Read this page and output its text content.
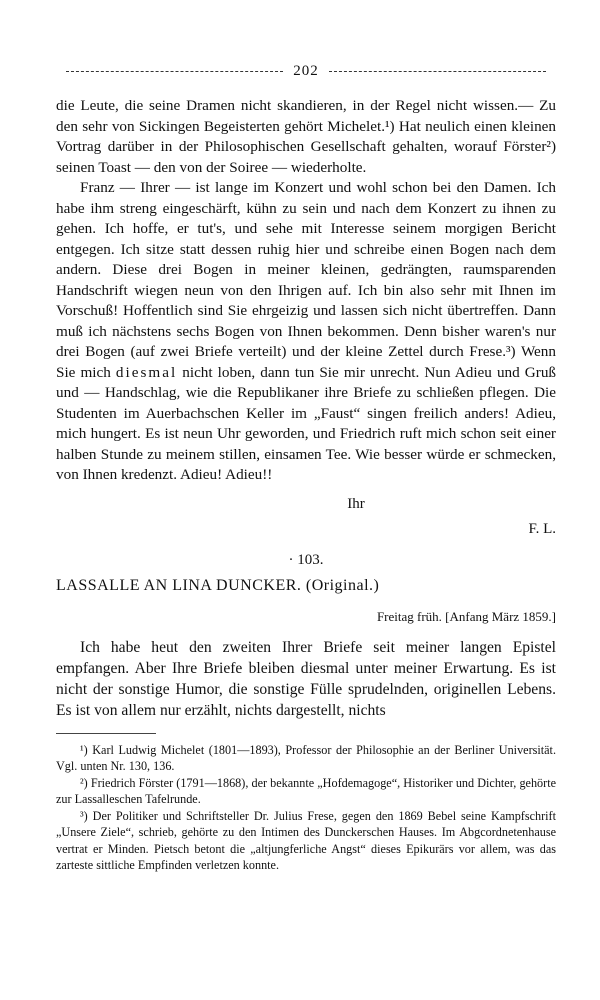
202

die Leute, die seine Dramen nicht skandieren, in der Regel nicht wissen.— Zu den sehr von Sickingen Begeisterten gehört Michelet.¹) Hat neulich einen kleinen Vortrag darüber in der Philosophischen Gesellschaft gehalten, worauf Förster²) seinen Toast — den von der Soiree — wiederholte.

Franz — Ihrer — ist lange im Konzert und wohl schon bei den Damen. Ich habe ihm streng eingeschärft, kühn zu sein und nach dem Konzert zu ihnen zu gehen. Ich hoffe, er tut's, und sehe mit Interesse seinem morgigen Bericht entgegen. Ich sitze statt dessen ruhig hier und schreibe einen Bogen nach dem andern. Diese drei Bogen in meiner kleinen, gedrängten, raumsparenden Handschrift wiegen neun von den Ihrigen auf. Ich bin also sehr mit Ihnen im Vorschuß! Hoffentlich sind Sie ehrgeizig und lassen sich nicht übertreffen. Dann muß ich nächstens sechs Bogen von Ihnen bekommen. Denn bisher waren's nur drei Bogen (auf zwei Briefe verteilt) und der kleine Zettel durch Frese.³) Wenn Sie mich diesmal nicht loben, dann tun Sie mir unrecht. Nun Adieu und Gruß und — Handschlag, wie die Republikaner ihre Briefe zu schließen pflegen. Die Studenten im Auerbachschen Keller im „Faust“ singen freilich anders! Adieu, mich hungert. Es ist neun Uhr geworden, und Friedrich ruft mich schon seit einer halben Stunde zu meinem stillen, einsamen Tee. Wie besser würde er schmecken, von Ihnen kredenzt. Adieu! Adieu!!

Ihr
F. L.
· 103.
LASSALLE AN LINA DUNCKER. (Original.)
Freitag früh. [Anfang März 1859.]

Ich habe heut den zweiten Ihrer Briefe seit meiner langen Epistel empfangen. Aber Ihre Briefe bleiben diesmal unter meiner Erwartung. Es ist nicht der sonstige Humor, die sonstige Fülle sprudelnden, originellen Lebens. Es ist von allem nur erzählt, nichts dargestellt, nichts

¹) Karl Ludwig Michelet (1801—1893), Professor der Philosophie an der Berliner Universität. Vgl. unten Nr. 130, 136.

²) Friedrich Förster (1791—1868), der bekannte „Hofdemagoge“, Historiker und Dichter, gehörte zur Lassalleschen Tafelrunde.

³) Der Politiker und Schriftsteller Dr. Julius Frese, gegen den 1869 Bebel seine Kampfschrift „Unsere Ziele“, schrieb, gehörte zu den Intimen des Dunckerschen Hauses. Im Abgcordnetenhause vertrat er Minden. Pietsch betont die „altjungferliche Angst“ dieses Epikurärs vor allem, was das zarteste sittliche Empfinden verletzen konnte.
